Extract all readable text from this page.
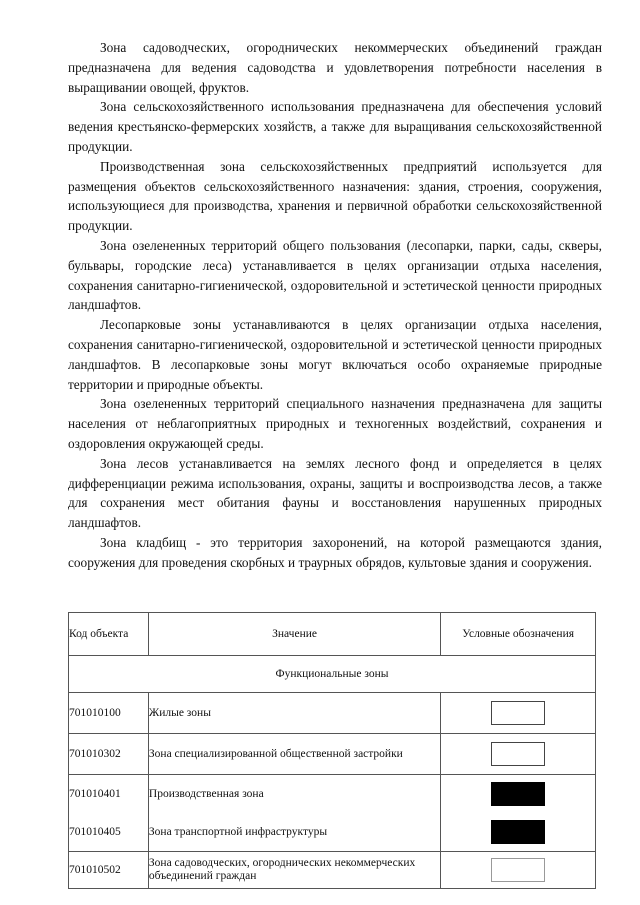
Зона садоводческих, огороднических некоммерческих объединений граждан предназначена для ведения садоводства и удовлетворения потребности населения в выращивании овощей, фруктов.

Зона сельскохозяйственного использования предназначена для обеспечения условий ведения крестьянско-фермерских хозяйств, а также для выращивания сельскохозяйственной продукции.

Производственная зона сельскохозяйственных предприятий используется для размещения объектов сельскохозяйственного назначения: здания, строения, сооружения, использующиеся для производства, хранения и первичной обработки сельскохозяйственной продукции.

Зона озелененных территорий общего пользования (лесопарки, парки, сады, скверы, бульвары, городские леса) устанавливается в целях организации отдыха населения, сохранения санитарно-гигиенической, оздоровительной и эстетической ценности природных ландшафтов.

Лесопарковые зоны устанавливаются в целях организации отдыха населения, сохранения санитарно-гигиенической, оздоровительной и эстетической ценности природных ландшафтов. В лесопарковые зоны могут включаться особо охраняемые природные территории и природные объекты.

Зона озелененных территорий специального назначения предназначена для защиты населения от неблагоприятных природных и техногенных воздействий, сохранения и оздоровления окружающей среды.

Зона лесов устанавливается на землях лесного фонд и определяется в целях дифференциации режима использования, охраны, защиты и воспроизводства лесов, а также для сохранения мест обитания фауны и восстановления нарушенных природных ландшафтов.

Зона кладбищ - это территория захоронений, на которой размещаются здания, сооружения для проведения скорбных и траурных обрядов, культовые здания и сооружения.

Код объекта	Значение	Условные обозначения
Функциональные зоны		
701010100	Жилые зоны	
701010302	Зона специализированной общественной застройки	
701010401	Производственная зона	
701010405	Зона транспортной инфраструктуры	
701010502	Зона садоводческих, огороднических некоммерческих объединений граждан	
